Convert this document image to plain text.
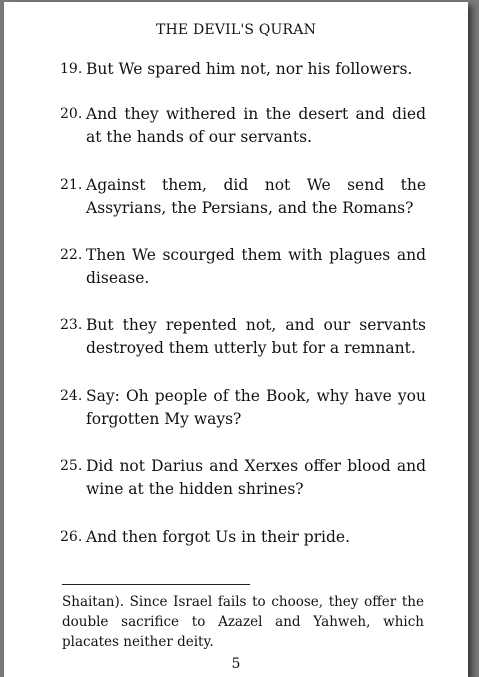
THE DEVIL'S QURAN
19. But We spared him not, nor his followers.
20. And they withered in the desert and died at the hands of our servants.
21. Against them, did not We send the Assyrians, the Persians, and the Romans?
22. Then We scourged them with plagues and disease.
23. But they repented not, and our servants destroyed them utterly but for a remnant.
24. Say: Oh people of the Book, why have you forgotten My ways?
25. Did not Darius and Xerxes offer blood and wine at the hidden shrines?
26. And then forgot Us in their pride.

Shaitan). Since Israel fails to choose, they offer the double sacrifice to Azazel and Yahweh, which placates neither deity.

5
